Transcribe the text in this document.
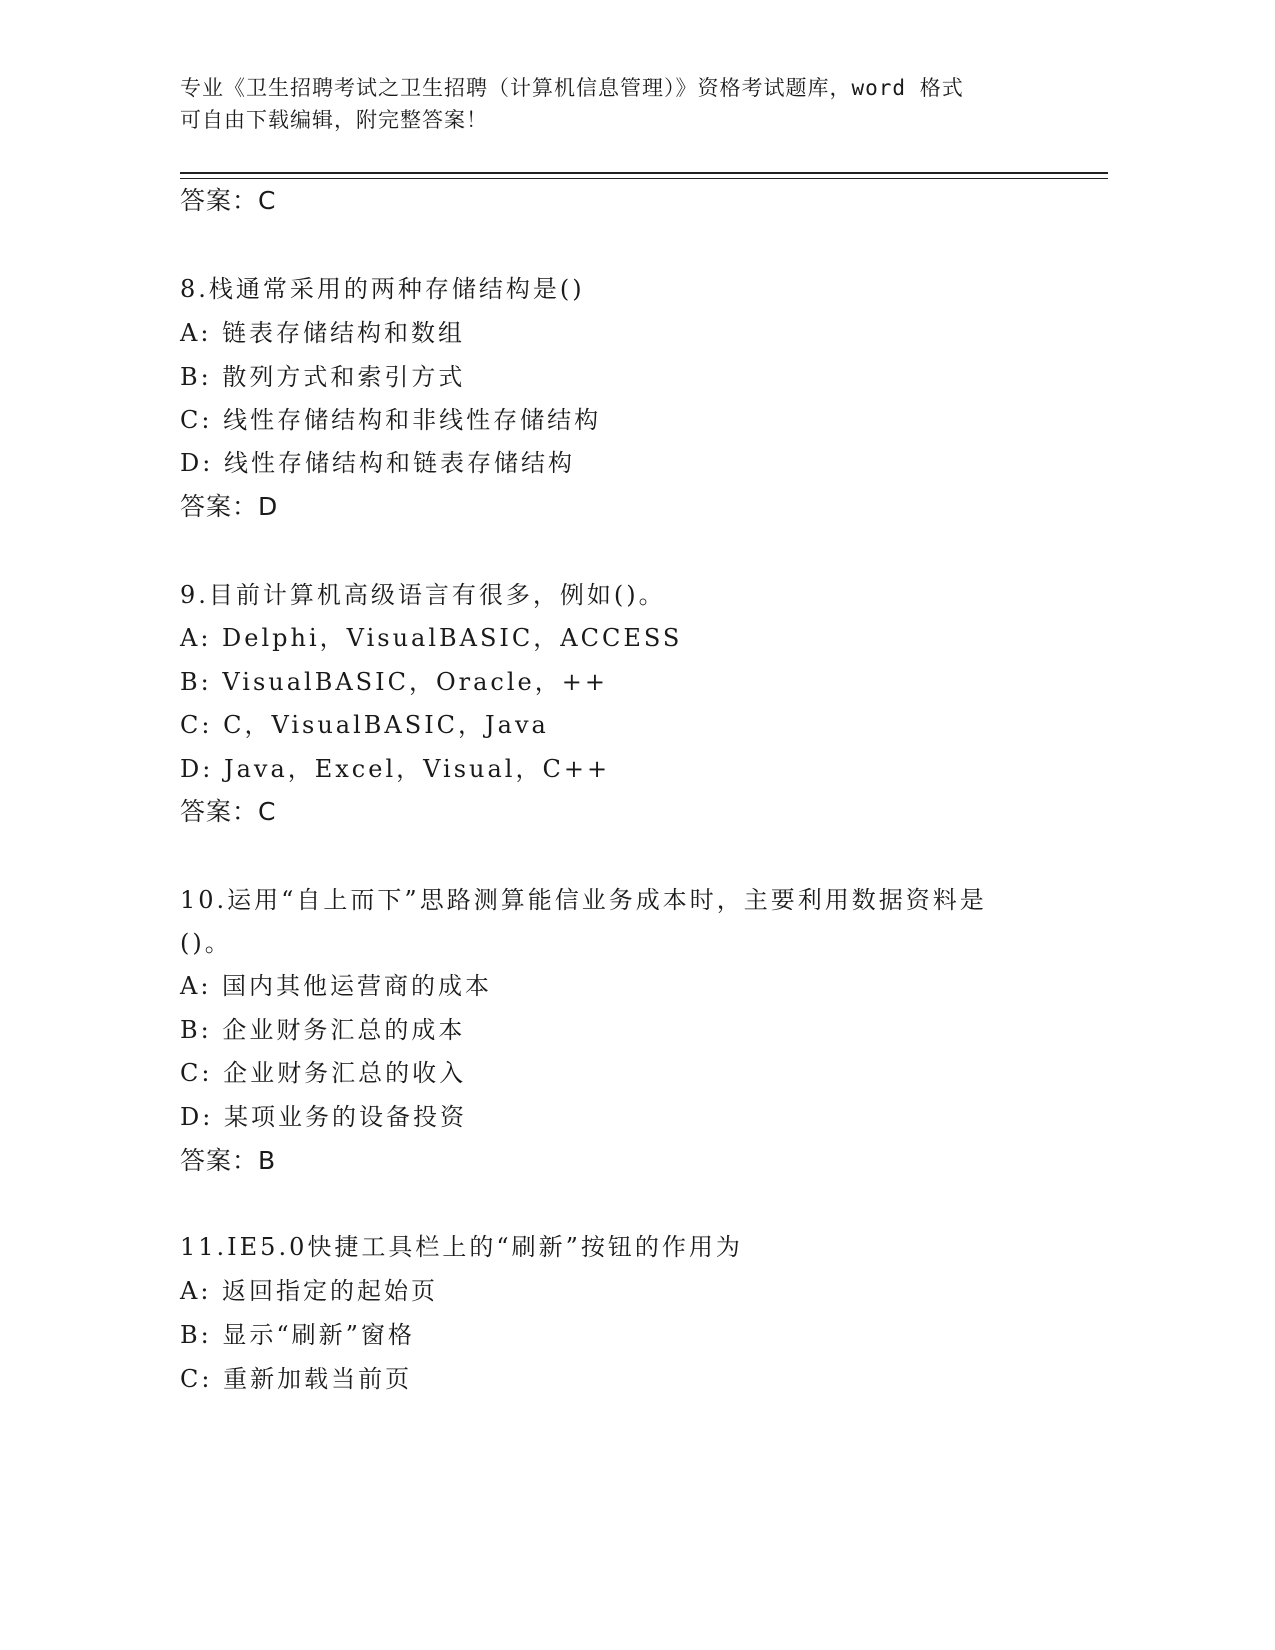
专业《卫生招聘考试之卫生招聘（计算机信息管理）》资格考试题库，word 格式
可自由下载编辑，附完整答案！
答案：C
8.栈通常采用的两种存储结构是()
A: 链表存储结构和数组
B: 散列方式和索引方式
C: 线性存储结构和非线性存储结构
D: 线性存储结构和链表存储结构
答案：D
9.目前计算机高级语言有很多，例如()。
A: Delphi，VisualBASIC，ACCESS
B: VisualBASIC，Oracle，++
C: C，VisualBASIC，Java
D: Java，Excel，Visual，C++
答案：C
10.运用“自上而下”思路测算能信业务成本时，主要利用数据资料是
()。
A: 国内其他运营商的成本
B: 企业财务汇总的成本
C: 企业财务汇总的收入
D: 某项业务的设备投资
答案：B
11.IE5.0快捷工具栏上的“刷新”按钮的作用为
A: 返回指定的起始页
B: 显示“刷新”窗格
C: 重新加载当前页
